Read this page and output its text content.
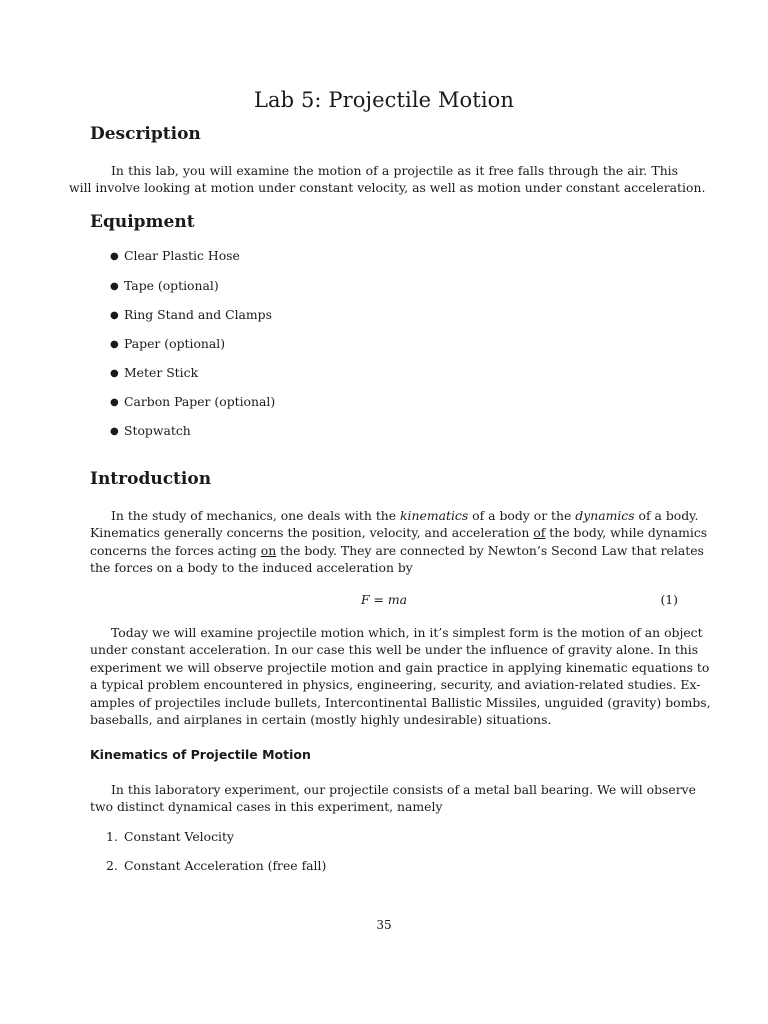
Lab 5: Projectile Motion
Description
In this lab, you will examine the motion of a projectile as it free falls through the air. This
will involve looking at motion under constant velocity, as well as motion under constant acceleration.
Equipment
● Clear Plastic Hose
● Tape (optional)
● Ring Stand and Clamps
● Paper (optional)
● Meter Stick
● Carbon Paper (optional)
● Stopwatch
Introduction
In the study of mechanics, one deals with the kinematics of a body or the dynamics of a body.
Kinematics generally concerns the position, velocity, and acceleration of the body, while dynamics
concerns the forces acting on the body. They are connected by Newton’s Second Law that relates
the forces on a body to the induced acceleration by
F = ma	(1)
Today we will examine projectile motion which, in it’s simplest form is the motion of an object
under constant acceleration. In our case this well be under the influence of gravity alone. In this
experiment we will observe projectile motion and gain practice in applying kinematic equations to
a typical problem encountered in physics, engineering, security, and aviation-related studies. Ex-
amples of projectiles include bullets, Intercontinental Ballistic Missiles, unguided (gravity) bombs,
baseballs, and airplanes in certain (mostly highly undesirable) situations.
Kinematics of Projectile Motion
In this laboratory experiment, our projectile consists of a metal ball bearing. We will observe
two distinct dynamical cases in this experiment, namely
1. Constant Velocity
2. Constant Acceleration (free fall)
35
